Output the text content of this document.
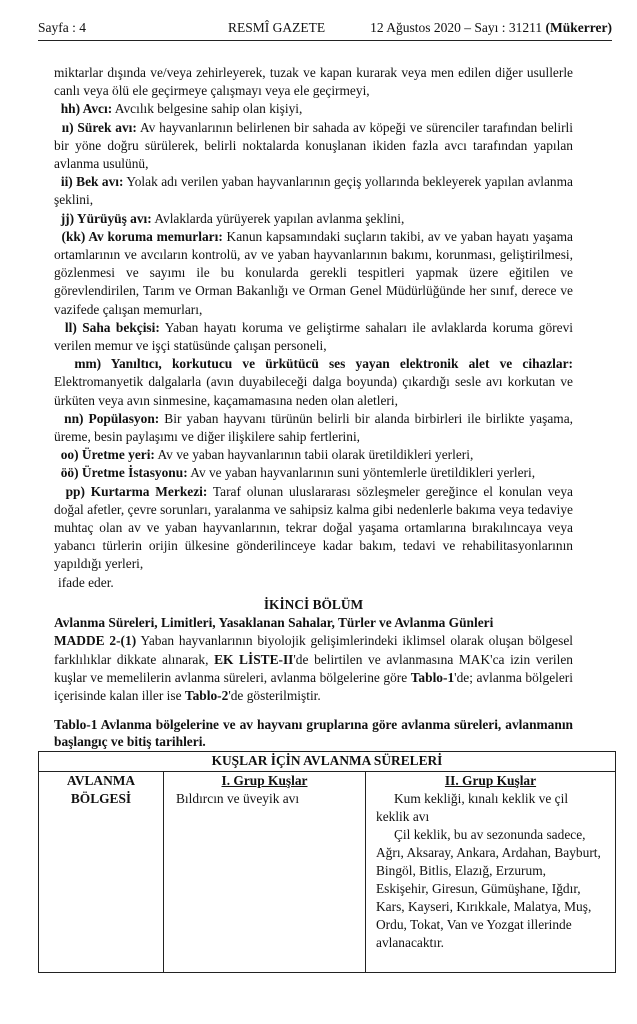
Sayfa : 4	RESMÎ GAZETE	12 Ağustos 2020 – Sayı : 31211 (Mükerrer)

miktarlar dışında ve/veya zehirleyerek, tuzak ve kapan kurarak veya men edilen diğer usullerle canlı veya ölü ele geçirmeye çalışmayı veya ele geçirmeyi,

hh) Avcı: Avcılık belgesine sahip olan kişiyi,

ıı) Sürek avı: Av hayvanlarının belirlenen bir sahada av köpeği ve sürenciler tarafından belirli bir yöne doğru sürülerek, belirli noktalarda konuşlanan ikiden fazla avcı tarafından yapılan avlanma usulünü,

ii) Bek avı: Yolak adı verilen yaban hayvanlarının geçiş yollarında bekleyerek yapılan avlanma şeklini,

jj) Yürüyüş avı: Avlaklarda yürüyerek yapılan avlanma şeklini,

(kk) Av koruma memurları: Kanun kapsamındaki suçların takibi, av ve yaban hayatı yaşama ortamlarının ve avcıların kontrolü, av ve yaban hayvanlarının bakımı, korunması, geliştirilmesi, gözlenmesi ve sayımı ile bu konularda gerekli tespitleri yapmak üzere eğitilen ve görevlendirilen, Tarım ve Orman Bakanlığı ve Orman Genel Müdürlüğünde her sınıf, derece ve vazifede çalışan memurları,

ll) Saha bekçisi: Yaban hayatı koruma ve geliştirme sahaları ile avlaklarda koruma görevi verilen memur ve işçi statüsünde çalışan personeli,

mm) Yanıltıcı, korkutucu ve ürkütücü ses yayan elektronik alet ve cihazlar: Elektromanyetik dalgalarla (avın duyabileceği dalga boyunda) çıkardığı sesle avı korkutan ve ürküten veya avın sinmesine, kaçamamasına neden olan aletleri,

nn) Popülasyon: Bir yaban hayvanı türünün belirli bir alanda birbirleri ile birlikte yaşama, üreme, besin paylaşımı ve diğer ilişkilere sahip fertlerini,

oo) Üretme yeri: Av ve yaban hayvanlarının tabii olarak üretildikleri yerleri,

öö) Üretme İstasyonu: Av ve yaban hayvanlarının suni yöntemlerle üretildikleri yerleri,

pp) Kurtarma Merkezi: Taraf olunan uluslararası sözleşmeler gereğince el konulan veya doğal afetler, çevre sorunları, yaralanma ve sahipsiz kalma gibi nedenlerle bakıma veya tedaviye muhtaç olan av ve yaban hayvanlarının, tekrar doğal yaşama ortamlarına bırakılıncaya veya yabancı türlerin orijin ülkesine gönderilinceye kadar bakım, tedavi ve rehabilitasyonlarının yapıldığı yerleri,

ifade eder.

İKİNCİ BÖLÜM

Avlanma Süreleri, Limitleri, Yasaklanan Sahalar, Türler ve Avlanma Günleri

MADDE 2-(1) Yaban hayvanlarının biyolojik gelişimlerindeki iklimsel olarak oluşan bölgesel farklılıklar dikkate alınarak, EK LİSTE-II'de belirtilen ve avlanmasına MAK'ca izin verilen kuşlar ve memelilerin avlanma süreleri, avlanma bölgelerine göre Tablo-1'de; avlanma bölgeleri içerisinde kalan iller ise Tablo-2'de gösterilmiştir.

Tablo-1 Avlanma bölgelerine ve av hayvanı gruplarına göre avlanma süreleri, avlanmanın başlangıç ve bitiş tarihleri.
KUŞLAR İÇİN AVLANMA SÜRELERİ
AVLANMA
BÖLGESİ
I. Grup Kuşlar
Bıldırcın ve üveyik avı
II. Grup Kuşlar
Kum kekliği, kınalı keklik ve çil keklik avı
Çil keklik, bu av sezonunda sadece, Ağrı, Aksaray, Ankara, Ardahan, Bayburt, Bingöl, Bitlis, Elazığ, Erzurum, Eskişehir, Giresun, Gümüşhane, Iğdır, Kars, Kayseri, Kırıkkale, Malatya, Muş, Ordu, Tokat, Van ve Yozgat illerinde avlanacaktır.
